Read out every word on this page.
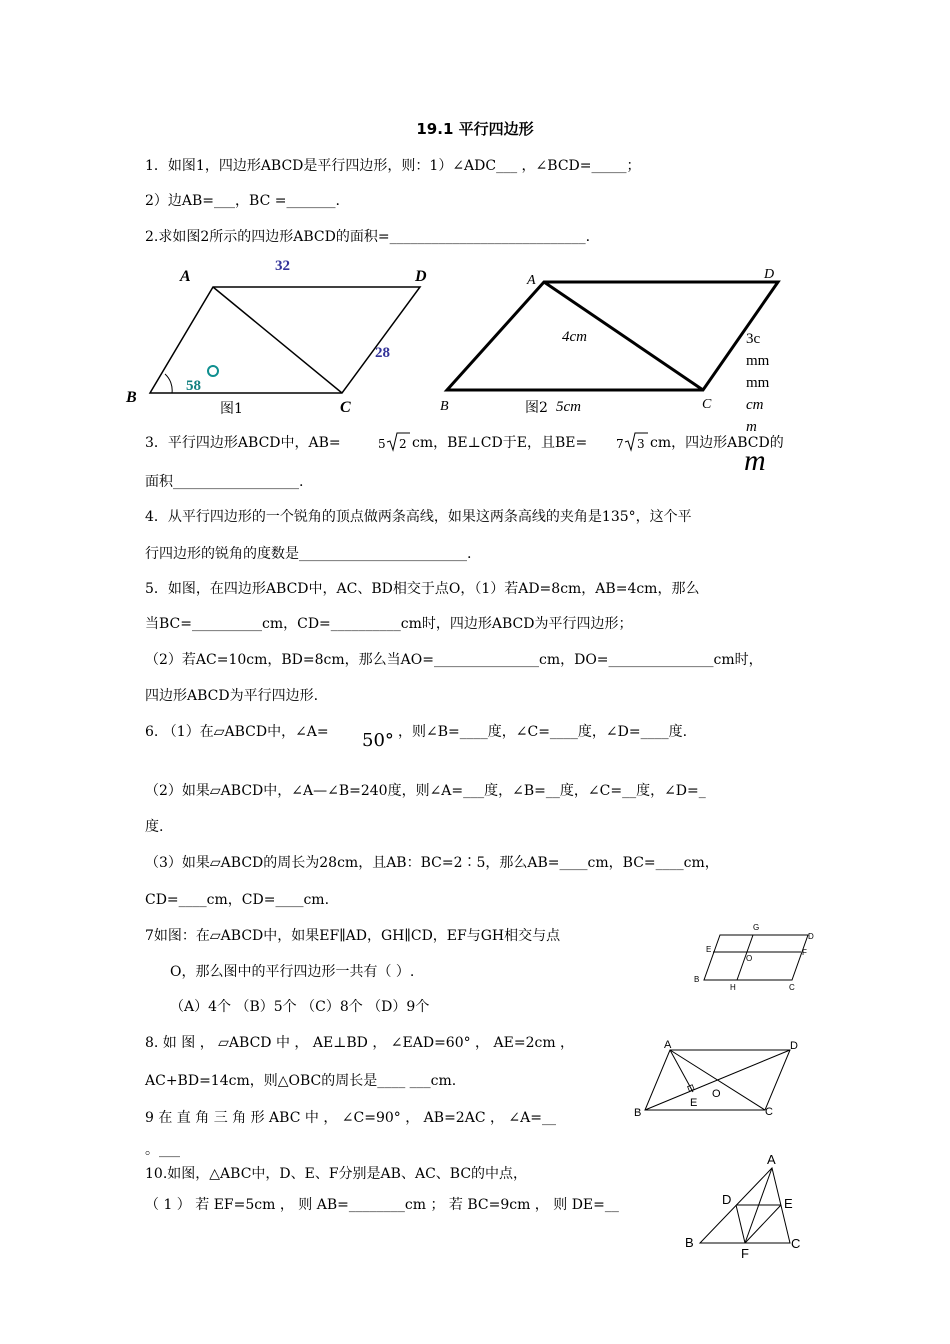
19.1 平行四边形
1．如图1，四边形ABCD是平行四边形，则：1）∠ADC___ ，∠BCD=_____；
2）边AB=___，BC =_______.
2.求如图2所示的四边形ABCD的面积=____________________________.
A	D
B
C
32
28
58
图1
A	D
B	C
4cm
图2 5cm
3c
mm
mm
cm
m
m
3．平行四边形ABCD中，AB=	5 2 cm，BE⊥CD于E，且BE= 7 3 cm，四边形ABCD的
面积__________________.
4．从平行四边形的一个锐角的顶点做两条高线，如果这两条高线的夹角是135°，这个平
行四边形的锐角的度数是________________________.
5．如图，在四边形ABCD中，AC、BD相交于点O，（1）若AD=8cm，AB=4cm，那么
当BC=__________cm，CD=__________cm时，四边形ABCD为平行四边形；
（2）若AC=10cm，BD=8cm，那么当AO=_______________cm，DO=_______________cm时，
四边形ABCD为平行四边形.
6. （1）在▱ABCD中，∠A= 50° ，则∠B=____度，∠C=____度，∠D=____度.
（2）如果▱ABCD中，∠A—∠B=240度，则∠A=___度，∠B=__度，∠C=__度，∠D=_
度.
（3）如果▱ABCD的周长为28cm，且AB：BC=2∶5，那么AB=____cm，BC=____cm，
CD=____cm，CD=____cm.
7如图：在▱ABCD中，如果EF∥AD，GH∥CD，EF与GH相交与点
O，那么图中的平行四边形一共有（ ）.
（A）4个 （B）5个 （C）8个 （D）9个
G
D
E	F
O
B
H	C
8. 如 图 ， ▱ABCD 中 ， AE⊥BD ， ∠EAD=60° ， AE=2cm ，
AC+BD=14cm，则△OBC的周长是____ ___cm.
A	D
B	C
E
O
9 在 直 角 三 角 形 ABC 中 ， ∠C=90° ， AB=2AC ， ∠A=__
。___
10.如图，△ABC中，D、E、F分别是AB、AC、BC的中点，
（ 1 ） 若 EF=5cm ， 则 AB=________cm ； 若 BC=9cm ， 则 DE=__
A
D	E
B	C
F
